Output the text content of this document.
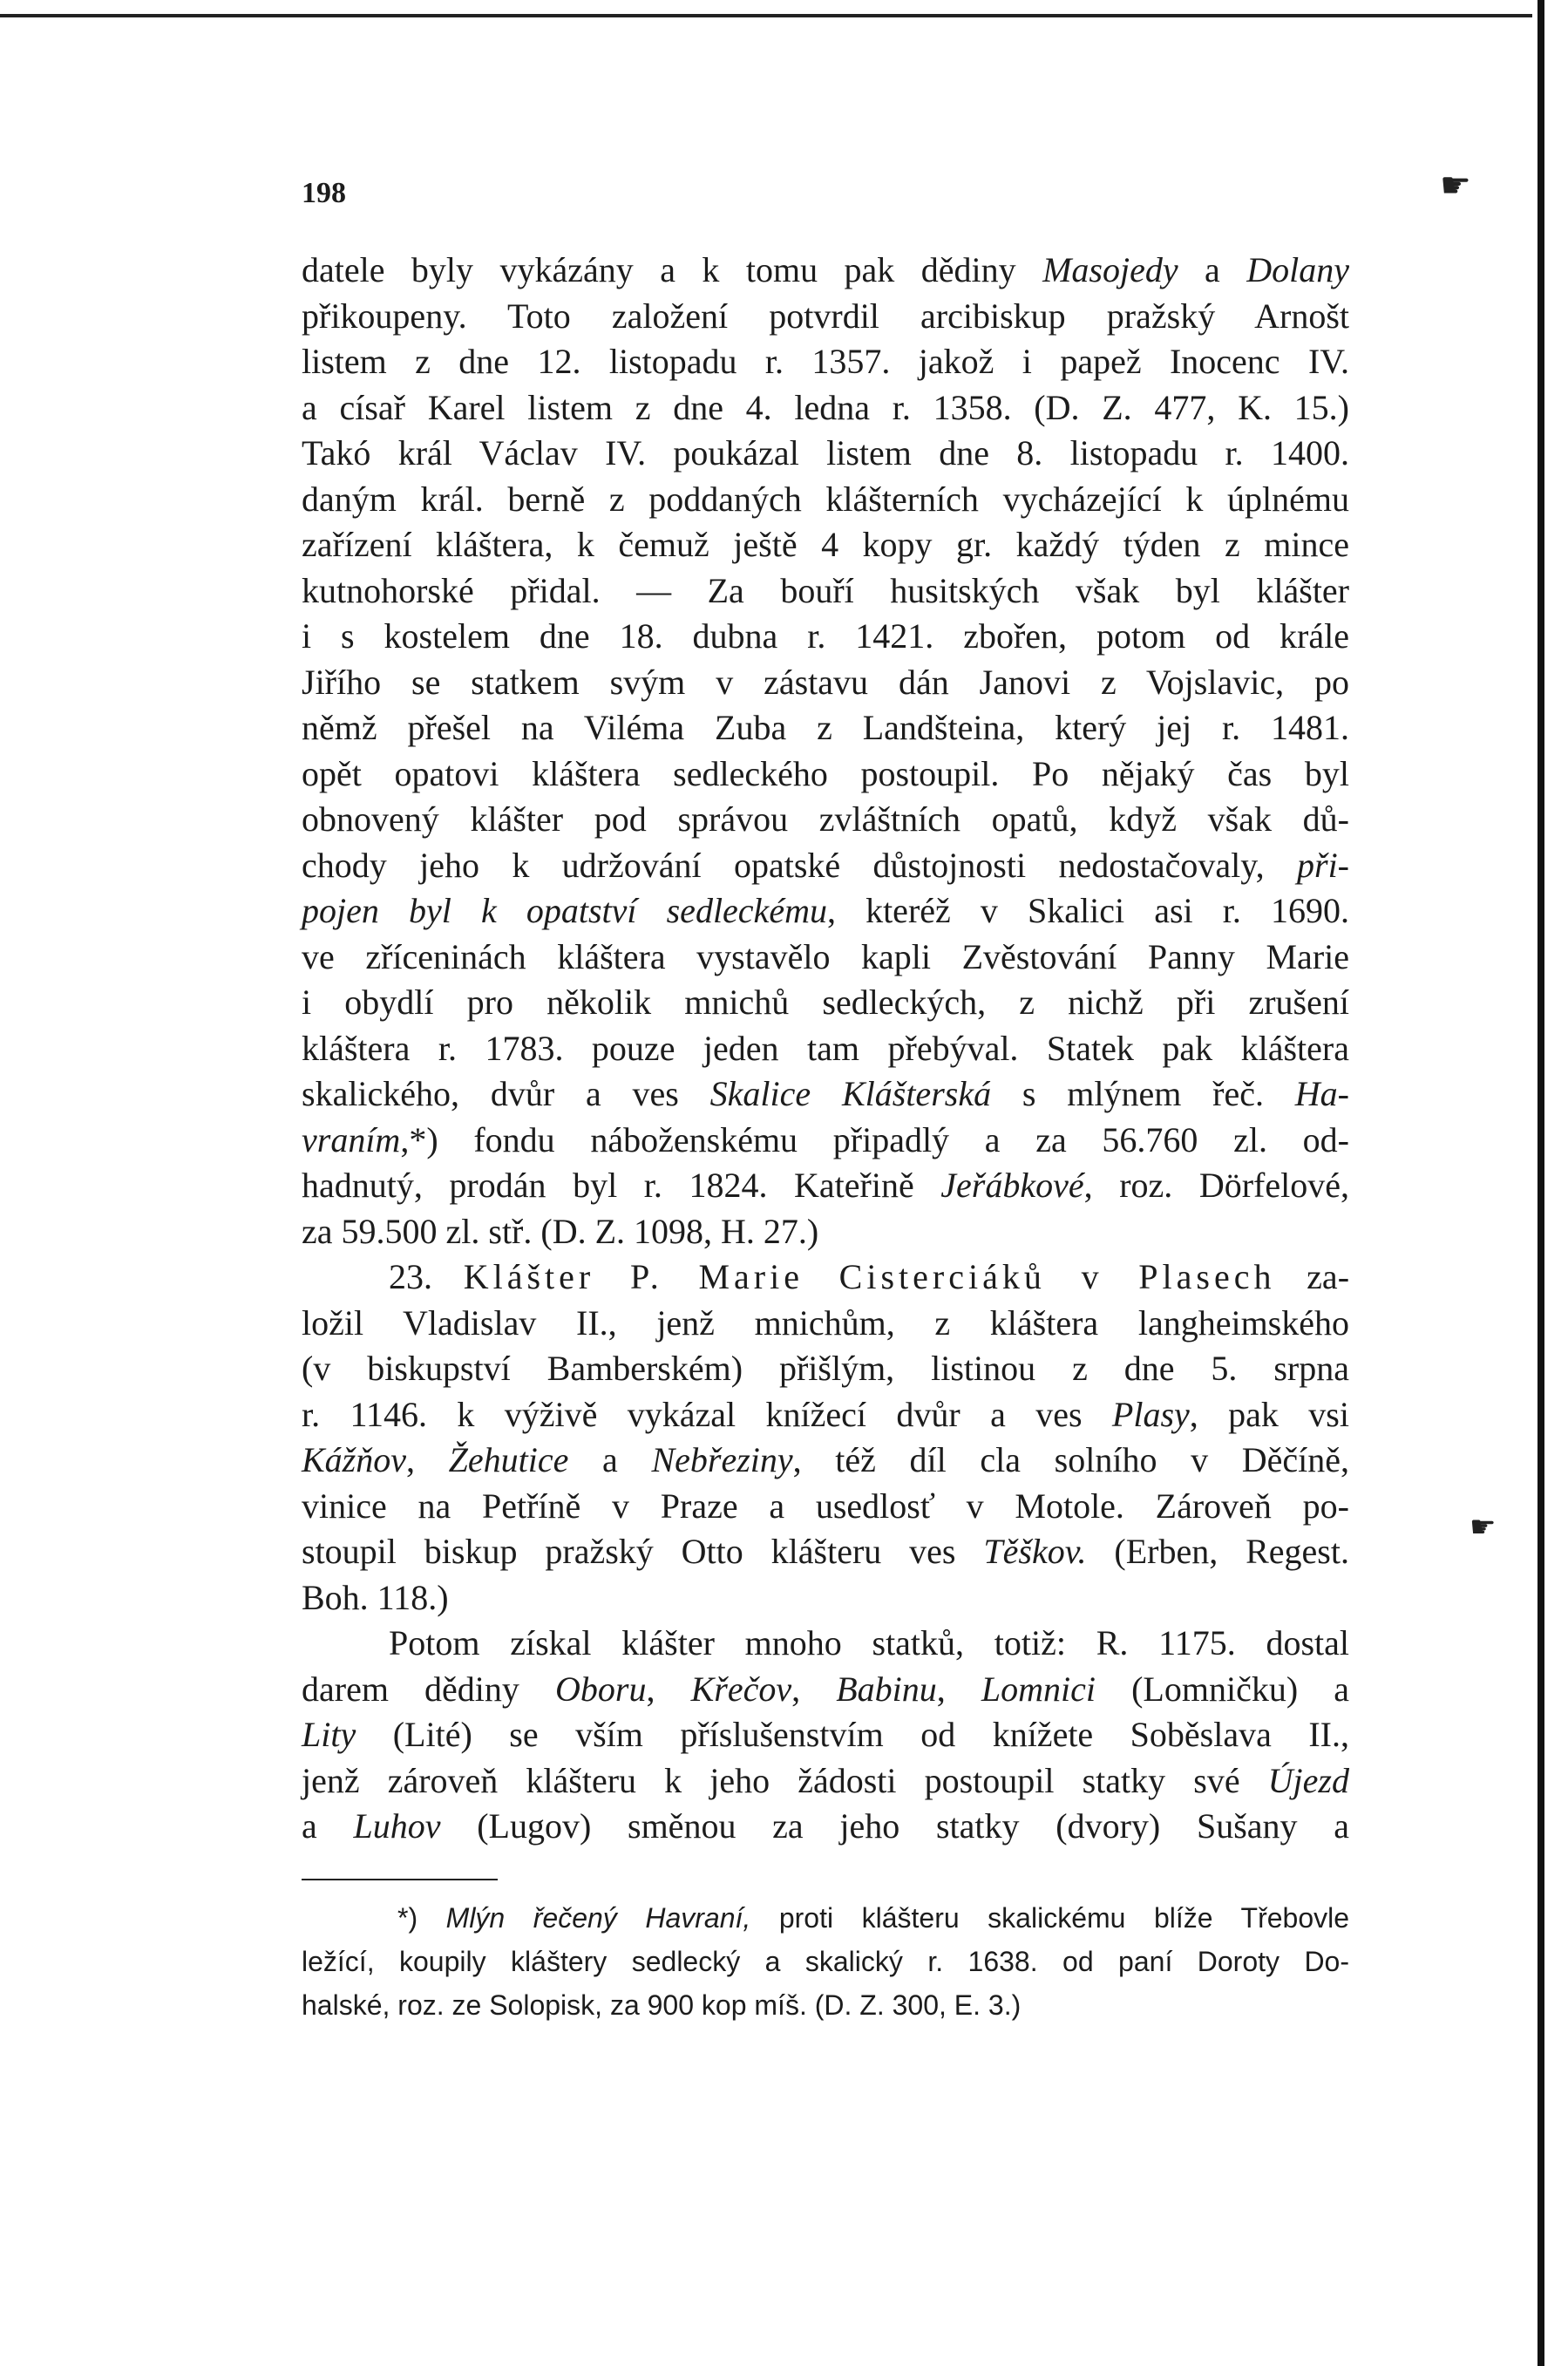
☛
☛
198
datele byly vykázány a k tomu pak dědiny Masojedy a Dolany
přikoupeny. Toto založení potvrdil arcibiskup pražský Arnošt
listem z dne 12. listopadu r. 1357. jakož i papež Inocenc IV.
a císař Karel listem z dne 4. ledna r. 1358. (D. Z. 477, K. 15.)
Takó král Václav IV. poukázal listem dne 8. listopadu r. 1400.
daným král. berně z poddaných klášterních vycházející k úplnému
zařízení kláštera, k čemuž ještě 4 kopy gr. každý týden z mince
kutnohorské přidal. — Za bouří husitských však byl klášter
i s kostelem dne 18. dubna r. 1421. zbořen, potom od krále
Jiřího se statkem svým v zástavu dán Janovi z Vojslavic, po
němž přešel na Viléma Zuba z Landšteina, který jej r. 1481.
opět opatovi kláštera sedleckého postoupil. Po nějaký čas byl
obnovený klášter pod správou zvláštních opatů, když však dů-
chody jeho k udržování opatské důstojnosti nedostačovaly, při-
pojen byl k opatství sedleckému, kteréž v Skalici asi r. 1690.
ve zříceninách kláštera vystavělo kapli Zvěstování Panny Marie
i obydlí pro několik mnichů sedleckých, z nichž při zrušení
kláštera r. 1783. pouze jeden tam přebýval. Statek pak kláštera
skalického, dvůr a ves Skalice Klášterská s mlýnem řeč. Ha-
vraním,*) fondu náboženskému připadlý a za 56.760 zl. od-
hadnutý, prodán byl r. 1824. Kateřině Jeřábkové, roz. Dörfelové,
za 59.500 zl. stř. (D. Z. 1098, H. 27.)
23. Klášter P. Marie Cisterciáků v Plasech za-
ložil Vladislav II., jenž mnichům, z kláštera langheimského
(v biskupství Bamberském) přišlým, listinou z dne 5. srpna
r. 1146. k výživě vykázal knížecí dvůr a ves Plasy, pak vsi
Kážňov, Žehutice a Nebřeziny, též díl cla solního v Děčíně,
vinice na Petříně v Praze a usedlosť v Motole. Zároveň po-
stoupil biskup pražský Otto klášteru ves Těškov. (Erben, Regest.
Boh. 118.)
Potom získal klášter mnoho statků, totiž: R. 1175. dostal
darem dědiny Oboru, Křečov, Babinu, Lomnici (Lomničku) a
Lity (Lité) se vším příslušenstvím od knížete Soběslava II.,
jenž zároveň klášteru k jeho žádosti postoupil statky své Újezd
a Luhov (Lugov) směnou za jeho statky (dvory) Sušany a
*) Mlýn řečený Havraní, proti klášteru skalickému blíže Třebovle
ležící, koupily kláštery sedlecký a skalický r. 1638. od paní Doroty Do-
halské, roz. ze Solopisk, za 900 kop míš. (D. Z. 300, E. 3.)
